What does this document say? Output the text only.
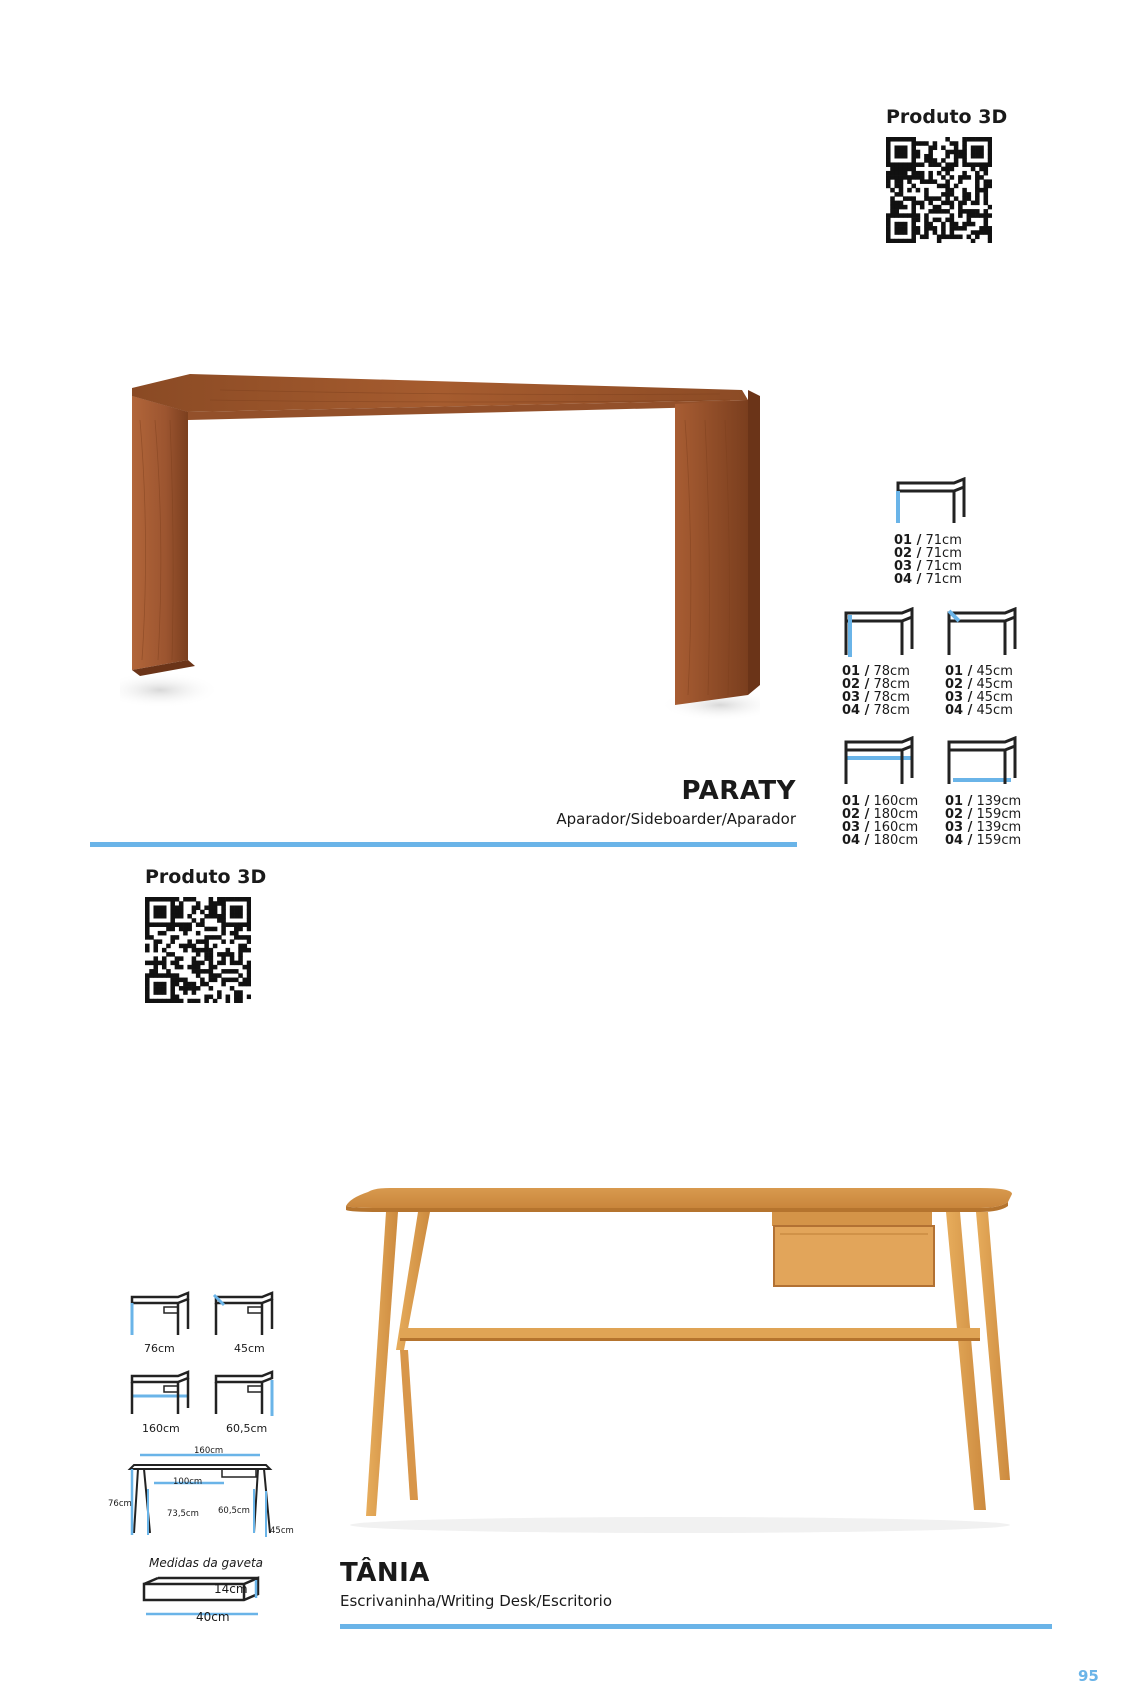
Produto 3D
01 / 71cm
02 / 71cm
03 / 71cm
04 / 71cm
01 / 78cm
02 / 78cm
03 / 78cm
04 / 78cm
01 / 45cm
02 / 45cm
03 / 45cm
04 / 45cm
01 / 160cm
02 / 180cm
03 / 160cm
04 / 180cm
01 / 139cm
02 / 159cm
03 / 139cm
04 / 159cm
PARATY
Aparador/Sideboarder/Aparador
Produto 3D
76cm	45cm
160cm	60,5cm
160cm
100cm
76cm
73,5cm 60,5cm
45cm
Medidas da gaveta
14cm
40cm
TÂNIA
Escrivaninha/Writing Desk/Escritorio
95
